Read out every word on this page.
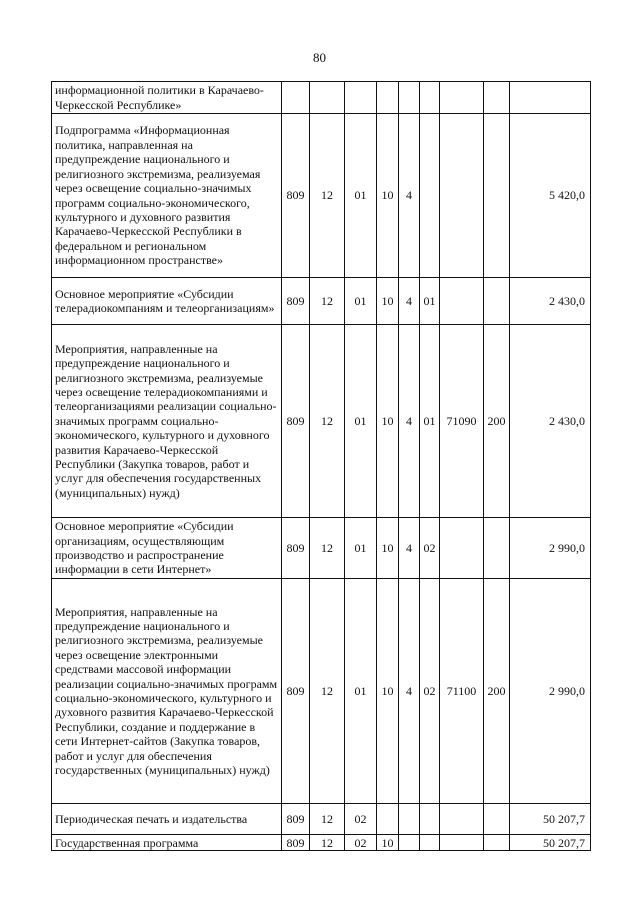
80
информационной политики в Карачаево-Черкесской Республике»									
Подпрограмма «Информационная политика, направленная на предупреждение национального и религиозного экстремизма, реализуемая через освещение социально-значимых программ социально-экономического, культурного и духовного развития Карачаево-Черкесской Республики в федеральном и региональном информационном пространстве»	809	12	01	10	4				5 420,0
Основное мероприятие «Субсидии телерадиокомпаниям и телеорганизациям»	809	12	01	10	4	01			2 430,0
Мероприятия, направленные на предупреждение национального и религиозного экстремизма, реализуемые через освещение телерадиокомпаниями и телеорганизациями реализации социально-значимых программ социально-экономического, культурного и духовного развития Карачаево-Черкесской Республики (Закупка товаров, работ и услуг для обеспечения государственных (муниципальных) нужд)	809	12	01	10	4	01	71090	200	2 430,0
Основное мероприятие «Субсидии организациям, осуществляющим производство и распространение информации в сети Интернет»	809	12	01	10	4	02			2 990,0
Мероприятия, направленные на предупреждение национального и религиозного экстремизма, реализуемые через освещение электронными средствами массовой информации реализации социально-значимых программ социально-экономического, культурного и духовного развития Карачаево-Черкесской Республики, создание и поддержание в сети Интернет-сайтов (Закупка товаров, работ и услуг для обеспечения государственных (муниципальных) нужд)	809	12	01	10	4	02	71100	200	2 990,0
Периодическая печать и издательства	809	12	02						50 207,7
Государственная программа	809	12	02	10					50 207,7
